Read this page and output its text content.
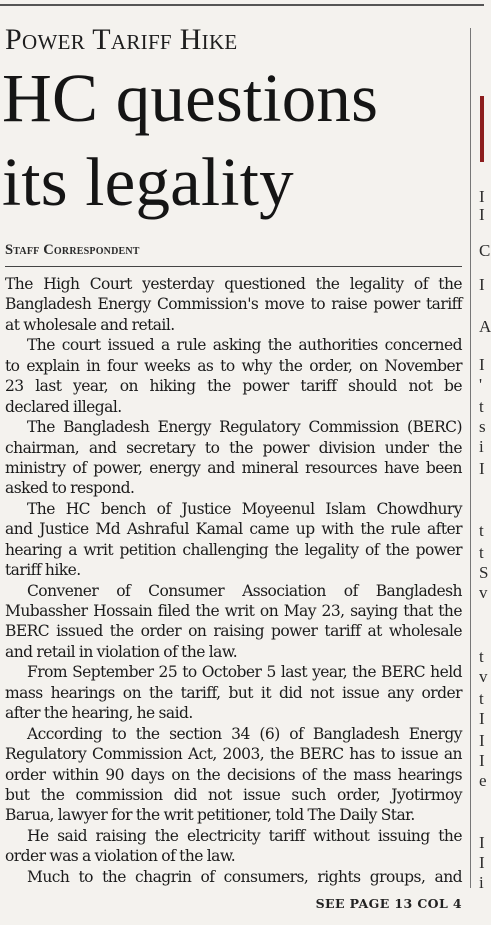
I
I
C
I
A
I
'
t
s
i
I
t
t
S
v
t
v
t
I
I
I
e
I
I
i
Power Tariff Hike
HC questions
its legality
Staff Correspondent
The High Court yesterday questioned the legality of the
Bangladesh Energy Commission's move to raise power tariff
at wholesale and retail.
The court issued a rule asking the authorities concerned
to explain in four weeks as to why the order, on November
23 last year, on hiking the power tariff should not be
declared illegal.
The Bangladesh Energy Regulatory Commission (BERC)
chairman, and secretary to the power division under the
ministry of power, energy and mineral resources have been
asked to respond.
The HC bench of Justice Moyeenul Islam Chowdhury
and Justice Md Ashraful Kamal came up with the rule after
hearing a writ petition challenging the legality of the power
tariff hike.
Convener of Consumer Association of Bangladesh
Mubassher Hossain filed the writ on May 23, saying that the
BERC issued the order on raising power tariff at wholesale
and retail in violation of the law.
From September 25 to October 5 last year, the BERC held
mass hearings on the tariff, but it did not issue any order
after the hearing, he said.
According to the section 34 (6) of Bangladesh Energy
Regulatory Commission Act, 2003, the BERC has to issue an
order within 90 days on the decisions of the mass hearings
but the commission did not issue such order, Jyotirmoy
Barua, lawyer for the writ petitioner, told The Daily Star.
He said raising the electricity tariff without issuing the
order was a violation of the law.
Much to the chagrin of consumers, rights groups, and
SEE PAGE 13 COL 4
